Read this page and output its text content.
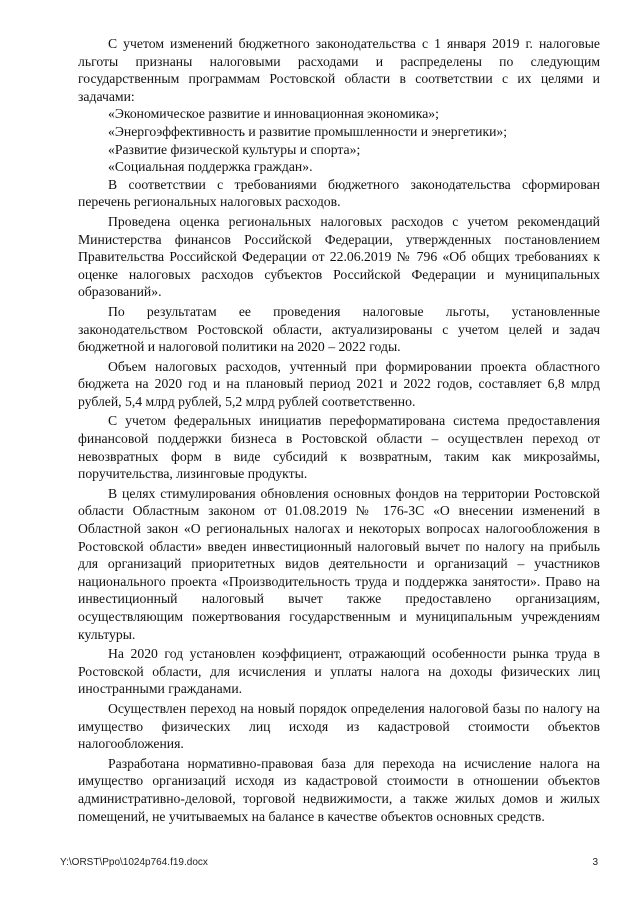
С учетом изменений бюджетного законодательства с 1 января 2019 г. налоговые льготы признаны налоговыми расходами и распределены по следующим государственным программам Ростовской области в соответствии с их целями и задачами:

«Экономическое развитие и инновационная экономика»;

«Энергоэффективность и развитие промышленности и энергетики»;

«Развитие физической культуры и спорта»;

«Социальная поддержка граждан».

В соответствии с требованиями бюджетного законодательства сформирован перечень региональных налоговых расходов.

Проведена оценка региональных налоговых расходов с учетом рекомендаций Министерства финансов Российской Федерации, утвержденных постановлением Правительства Российской Федерации от 22.06.2019 № 796 «Об общих требованиях к оценке налоговых расходов субъектов Российской Федерации и муниципальных образований».

По результатам ее проведения налоговые льготы, установленные законодательством Ростовской области, актуализированы с учетом целей и задач бюджетной и налоговой политики на 2020 – 2022 годы.

Объем налоговых расходов, учтенный при формировании проекта областного бюджета на 2020 год и на плановый период 2021 и 2022 годов, составляет 6,8 млрд рублей, 5,4 млрд рублей, 5,2 млрд рублей соответственно.

С учетом федеральных инициатив переформатирована система предоставления финансовой поддержки бизнеса в Ростовской области – осуществлен переход от невозвратных форм в виде субсидий к возвратным, таким как микрозаймы, поручительства, лизинговые продукты.

В целях стимулирования обновления основных фондов на территории Ростовской области Областным законом от 01.08.2019 № 176-ЗС «О внесении изменений в Областной закон «О региональных налогах и некоторых вопросах налогообложения в Ростовской области» введен инвестиционный налоговый вычет по налогу на прибыль для организаций приоритетных видов деятельности и организаций – участников национального проекта «Производительность труда и поддержка занятости». Право на инвестиционный налоговый вычет также предоставлено организациям, осуществляющим пожертвования государственным и муниципальным учреждениям культуры.

На 2020 год установлен коэффициент, отражающий особенности рынка труда в Ростовской области, для исчисления и уплаты налога на доходы физических лиц иностранными гражданами.

Осуществлен переход на новый порядок определения налоговой базы по налогу на имущество физических лиц исходя из кадастровой стоимости объектов налогообложения.

Разработана нормативно-правовая база для перехода на исчисление налога на имущество организаций исходя из кадастровой стоимости в отношении объектов административно-деловой, торговой недвижимости, а также жилых домов и жилых помещений, не учитываемых на балансе в качестве объектов основных средств.

Y:\ORST\Ppo\1024p764.f19.docx	3
